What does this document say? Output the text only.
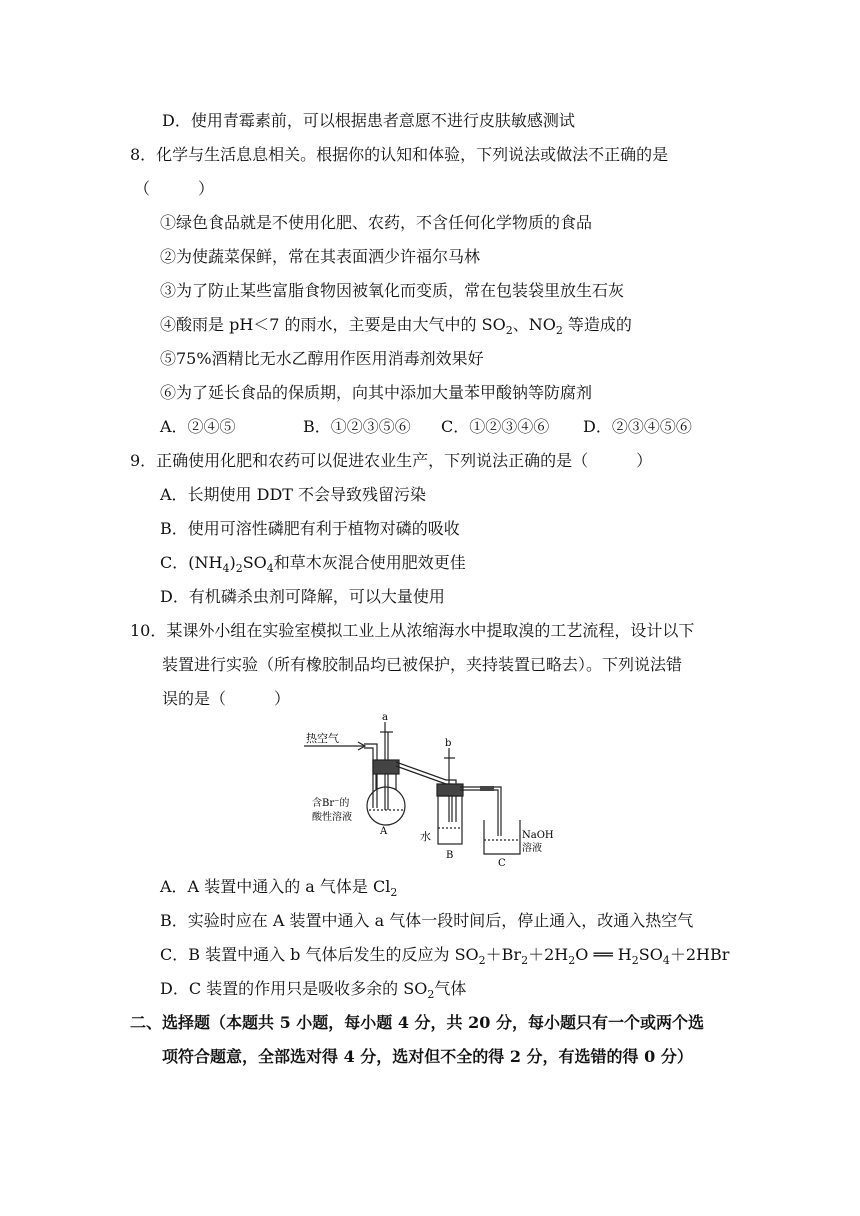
D．使用青霉素前，可以根据患者意愿不进行皮肤敏感测试
8．化学与生活息息相关。根据你的认知和体验，下列说法或做法不正确的是
（　　　）
①绿色食品就是不使用化肥、农药，不含任何化学物质的食品
②为使蔬菜保鲜，常在其表面洒少许福尔马林
③为了防止某些富脂食物因被氧化而变质，常在包装袋里放生石灰
④酸雨是 pH＜7 的雨水，主要是由大气中的 $SO_2$、$NO_2$ 等造成的
⑤75%酒精比无水乙醇用作医用消毒剂效果好
⑥为了延长食品的保质期，向其中添加大量苯甲酸钠等防腐剂
A．②④⑤	B．①②③⑤⑥ C．①②③④⑥ D．②③④⑤⑥
9．正确使用化肥和农药可以促进农业生产，下列说法正确的是（　　　）
A．长期使用 DDT 不会导致残留污染
B．使用可溶性磷肥有利于植物对磷的吸收
C．$(NH_4)_2SO_4$和草木灰混合使用肥效更佳
D．有机磷杀虫剂可降解，可以大量使用
10．某课外小组在实验室模拟工业上从浓缩海水中提取溴的工艺流程，设计以下
装置进行实验（所有橡胶制品均已被保护，夹持装置已略去）。下列说法错
误的是（　　　）
a
b
热空气
含Br⁻的
酸性溶液
A	水
B
C
NaOH
溶液
A．A 装置中通入的 a 气体是 $Cl_2$
B．实验时应在 A 装置中通入 a 气体一段时间后，停止通入，改通入热空气
C．B 装置中通入 b 气体后发生的反应为 $SO_2+Br_2+2H_2O$ ══ $H_2SO_4+2HBr$
D．C 装置的作用只是吸收多余的 $SO_2$气体
二、选择题（本题共 5 小题，每小题 4 分，共 20 分，每小题只有一个或两个选
项符合题意，全部选对得 4 分，选对但不全的得 2 分，有选错的得 0 分）
